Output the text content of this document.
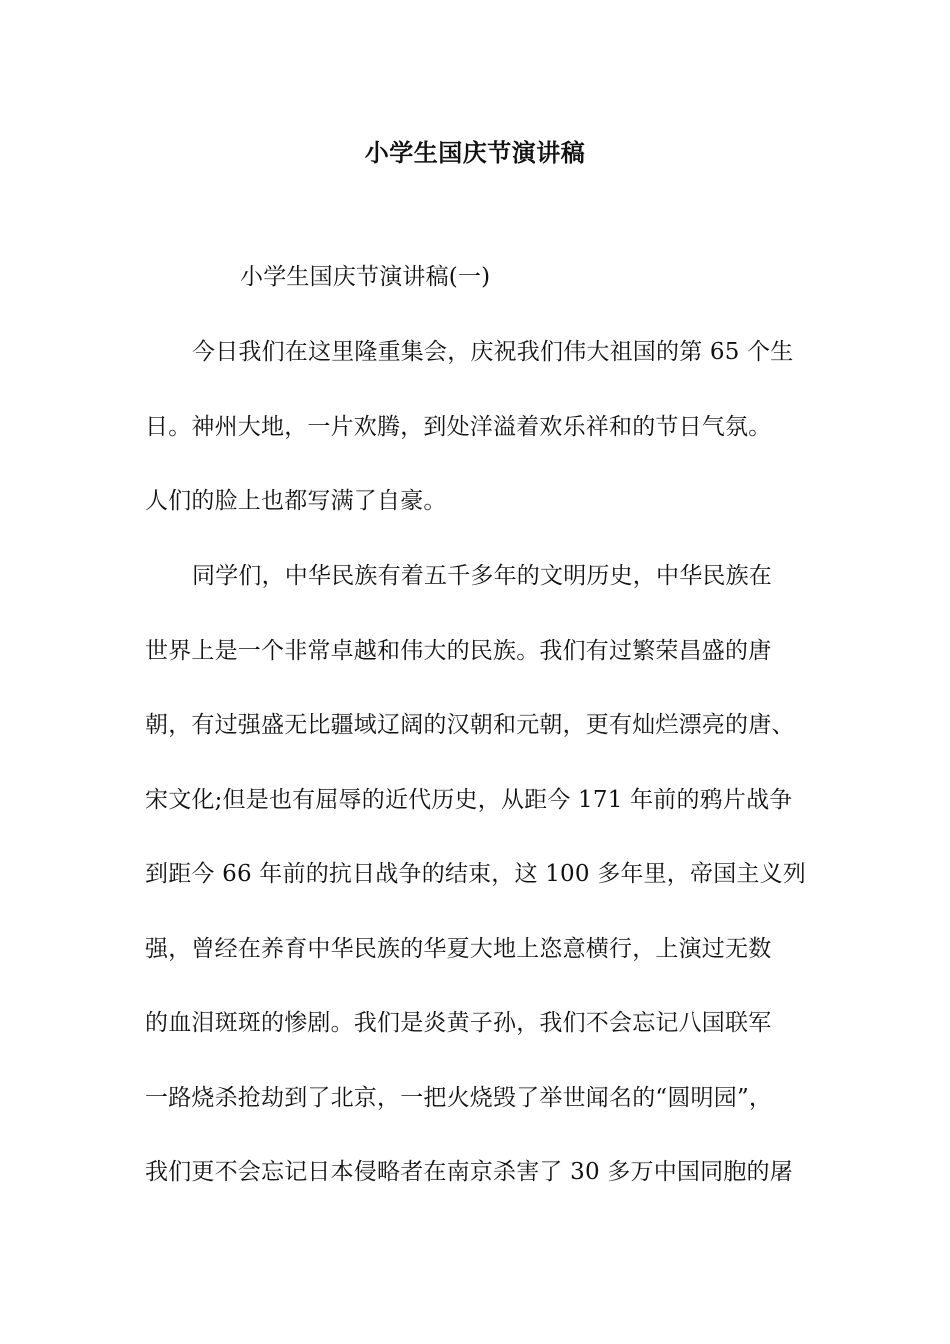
小学生国庆节演讲稿
小学生国庆节演讲稿(一)
今日我们在这里隆重集会，庆祝我们伟大祖国的第 65 个生
日。神州大地，一片欢腾，到处洋溢着欢乐祥和的节日气氛。
人们的脸上也都写满了自豪。
同学们，中华民族有着五千多年的文明历史，中华民族在
世界上是一个非常卓越和伟大的民族。我们有过繁荣昌盛的唐
朝，有过强盛无比疆域辽阔的汉朝和元朝，更有灿烂漂亮的唐、
宋文化;但是也有屈辱的近代历史，从距今 171 年前的鸦片战争
到距今 66 年前的抗日战争的结束，这 100 多年里，帝国主义列
强，曾经在养育中华民族的华夏大地上恣意横行，上演过无数
的血泪斑斑的惨剧。我们是炎黄子孙，我们不会忘记八国联军
一路烧杀抢劫到了北京，一把火烧毁了举世闻名的“圆明园”，
我们更不会忘记日本侵略者在南京杀害了 30 多万中国同胞的屠
